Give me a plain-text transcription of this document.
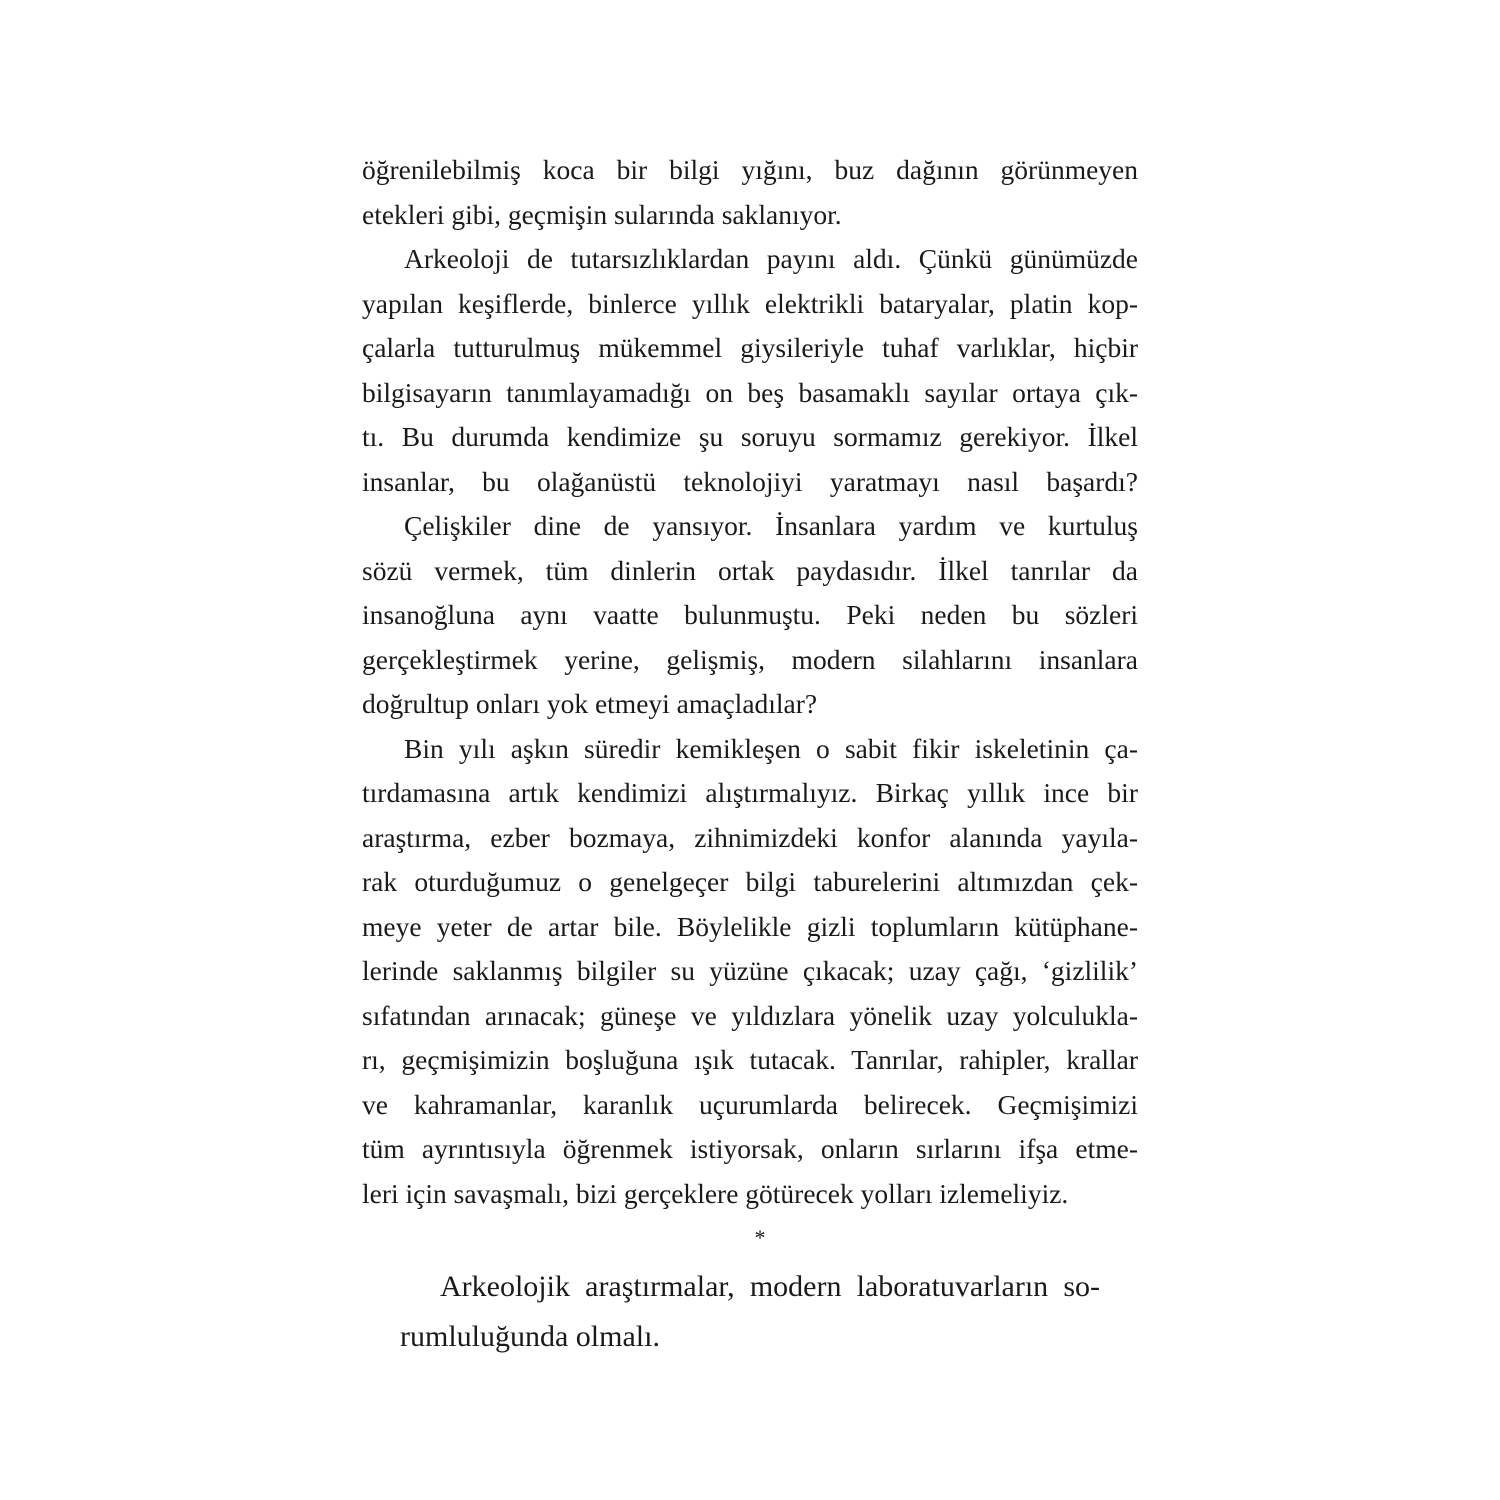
öğrenilebilmiş koca bir bilgi yığını, buz dağının görünmeyen
etekleri gibi, geçmişin sularında saklanıyor.
Arkeoloji de tutarsızlıklardan payını aldı. Çünkü günümüzde
yapılan keşiflerde, binlerce yıllık elektrikli bataryalar, platin kop-
çalarla tutturulmuş mükemmel giysileriyle tuhaf varlıklar, hiçbir
bilgisayarın tanımlayamadığı on beş basamaklı sayılar ortaya çık-
tı. Bu durumda kendimize şu soruyu sormamız gerekiyor. İlkel
insanlar, bu olağanüstü teknolojiyi yaratmayı nasıl başardı?
Çelişkiler dine de yansıyor. İnsanlara yardım ve kurtuluş
sözü vermek, tüm dinlerin ortak paydasıdır. İlkel tanrılar da
insanoğluna aynı vaatte bulunmuştu. Peki neden bu sözleri
gerçekleştirmek yerine, gelişmiş, modern silahlarını insanlara
doğrultup onları yok etmeyi amaçladılar?
Bin yılı aşkın süredir kemikleşen o sabit fikir iskeletinin ça-
tırdamasına artık kendimizi alıştırmalıyız. Birkaç yıllık ince bir
araştırma, ezber bozmaya, zihnimizdeki konfor alanında yayıla-
rak oturduğumuz o genelgeçer bilgi taburelerini altımızdan çek-
meye yeter de artar bile. Böylelikle gizli toplumların kütüphane-
lerinde saklanmış bilgiler su yüzüne çıkacak; uzay çağı, ‘gizlilik’
sıfatından arınacak; güneşe ve yıldızlara yönelik uzay yolculukla-
rı, geçmişimizin boşluğuna ışık tutacak. Tanrılar, rahipler, krallar
ve kahramanlar, karanlık uçurumlarda belirecek. Geçmişimizi
tüm ayrıntısıyla öğrenmek istiyorsak, onların sırlarını ifşa etme-
leri için savaşmalı, bizi gerçeklere götürecek yolları izlemeliyiz.
*
Arkeolojik araştırmalar, modern laboratuvarların so-
rumluluğunda olmalı.
